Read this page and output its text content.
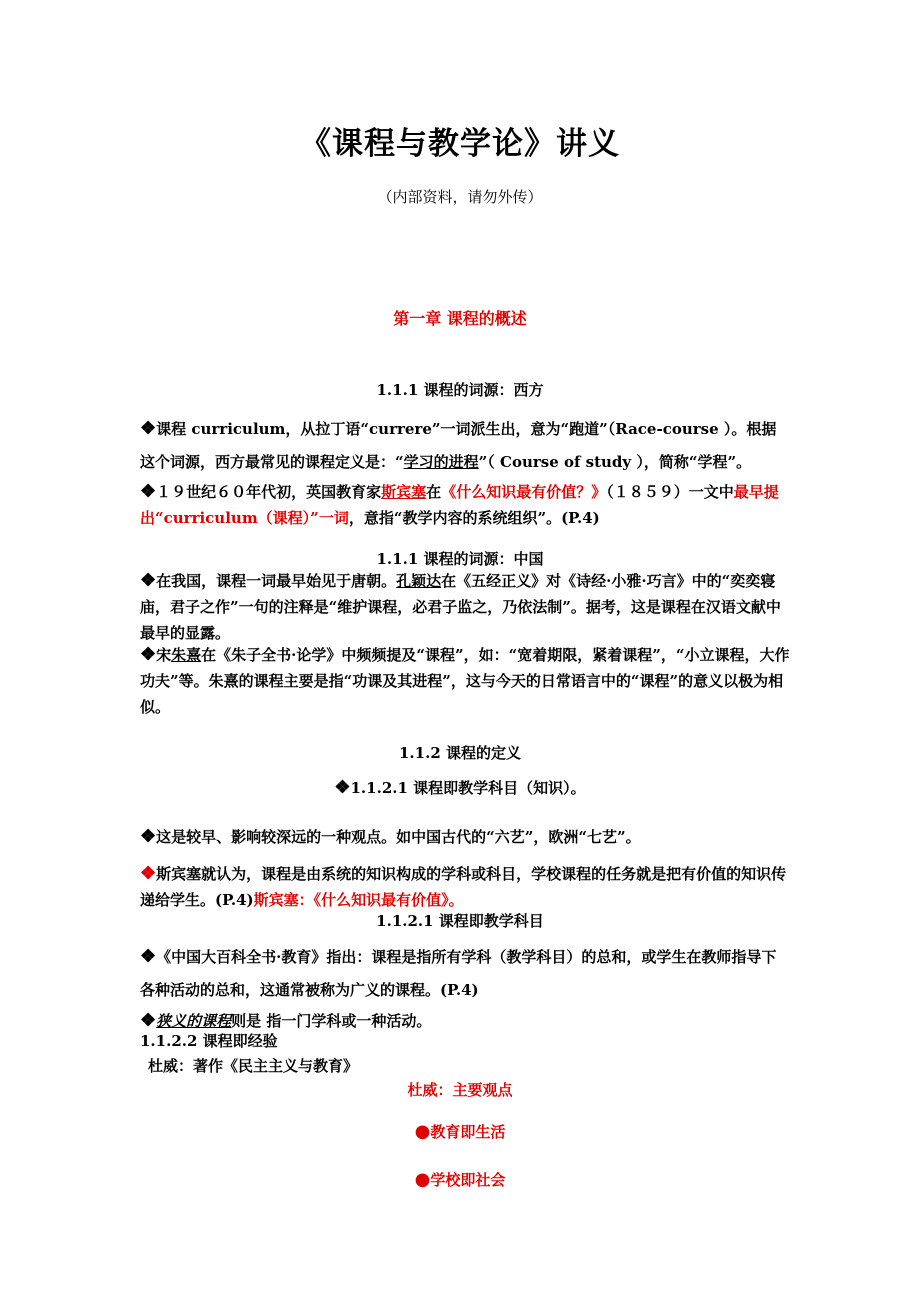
《课程与教学论》讲义
（内部资料，请勿外传）
第一章 课程的概述
1.1.1 课程的词源：西方
❖课程 curriculum，从拉丁语“currere”一词派生出，意为“跑道”（Race-course ）。根据这个词源，西方最常见的课程定义是：“学习的进程”（ Course of study ），简称“学程”。
❖１９世纪６０年代初，英国教育家斯宾塞在《什么知识最有价值？》（１８５９）一文中最早提出“curriculum（课程）”一词，意指“教学内容的系统组织”。(P.4)
1.1.1 课程的词源：中国
❖在我国，课程一词最早始见于唐朝。孔颖达在《五经正义》对《诗经·小雅·巧言》中的“奕奕寝庙，君子之作”一句的注释是“维护课程，必君子监之，乃依法制”。据考，这是课程在汉语文献中最早的显露。
❖宋朱熹在《朱子全书·论学》中频频提及“课程”，如：“宽着期限，紧着课程”，“小立课程，大作功夫”等。朱熹的课程主要是指“功课及其进程”，这与今天的日常语言中的“课程”的意义以极为相似。
1.1.2 课程的定义
❖1.1.2.1 课程即教学科目（知识）。
❖这是较早、影响较深远的一种观点。如中国古代的“六艺”，欧洲“七艺”。
❖斯宾塞就认为，课程是由系统的知识构成的学科或科目，学校课程的任务就是把有价值的知识传递给学生。(P.4)斯宾塞：《什么知识最有价值》。
1.1.2.1 课程即教学科目
❖《中国大百科全书·教育》指出：课程是指所有学科（教学科目）的总和，或学生在教师指导下各种活动的总和，这通常被称为广义的课程。(P.4)
❖狭义的课程则是 指一门学科或一种活动。
1.1.2.2 课程即经验
杜威：著作《民主主义与教育》
杜威：主要观点
●教育即生活
●学校即社会
